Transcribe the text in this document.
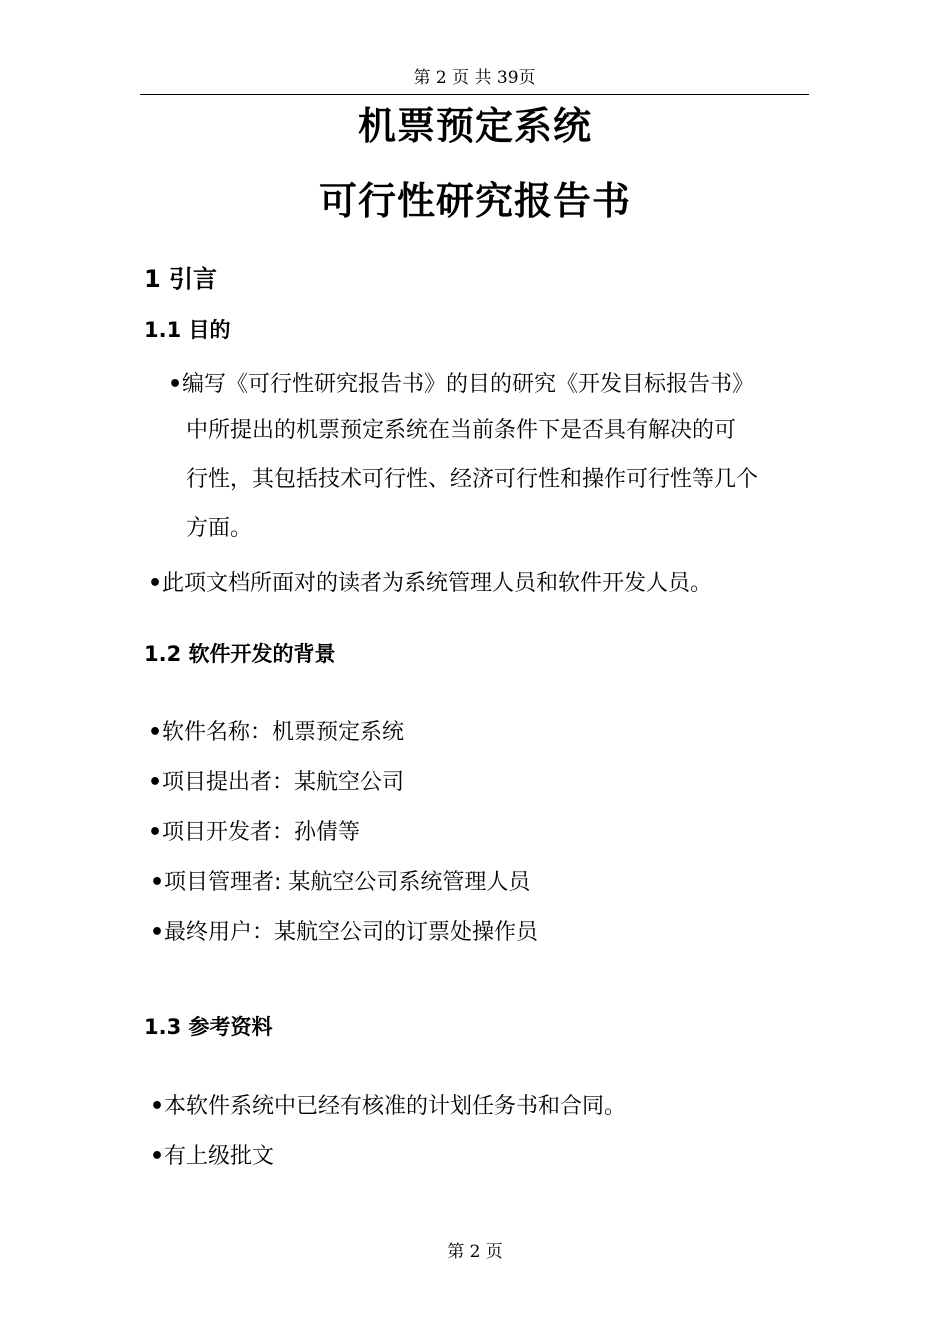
第 2 页 共 39页
机票预定系统
可行性研究报告书
1 引言
1.1 目的
•编写《可行性研究报告书》的目的研究《开发目标报告书》
中所提出的机票预定系统在当前条件下是否具有解决的可
行性，其包括技术可行性、经济可行性和操作可行性等几个
方面。
•此项文档所面对的读者为系统管理人员和软件开发人员。
1.2 软件开发的背景
•软件名称：机票预定系统
•项目提出者：某航空公司
•项目开发者：孙倩等
•项目管理者: 某航空公司系统管理人员
•最终用户：某航空公司的订票处操作员
1.3 参考资料
•本软件系统中已经有核准的计划任务书和合同。
•有上级批文
第 2 页
